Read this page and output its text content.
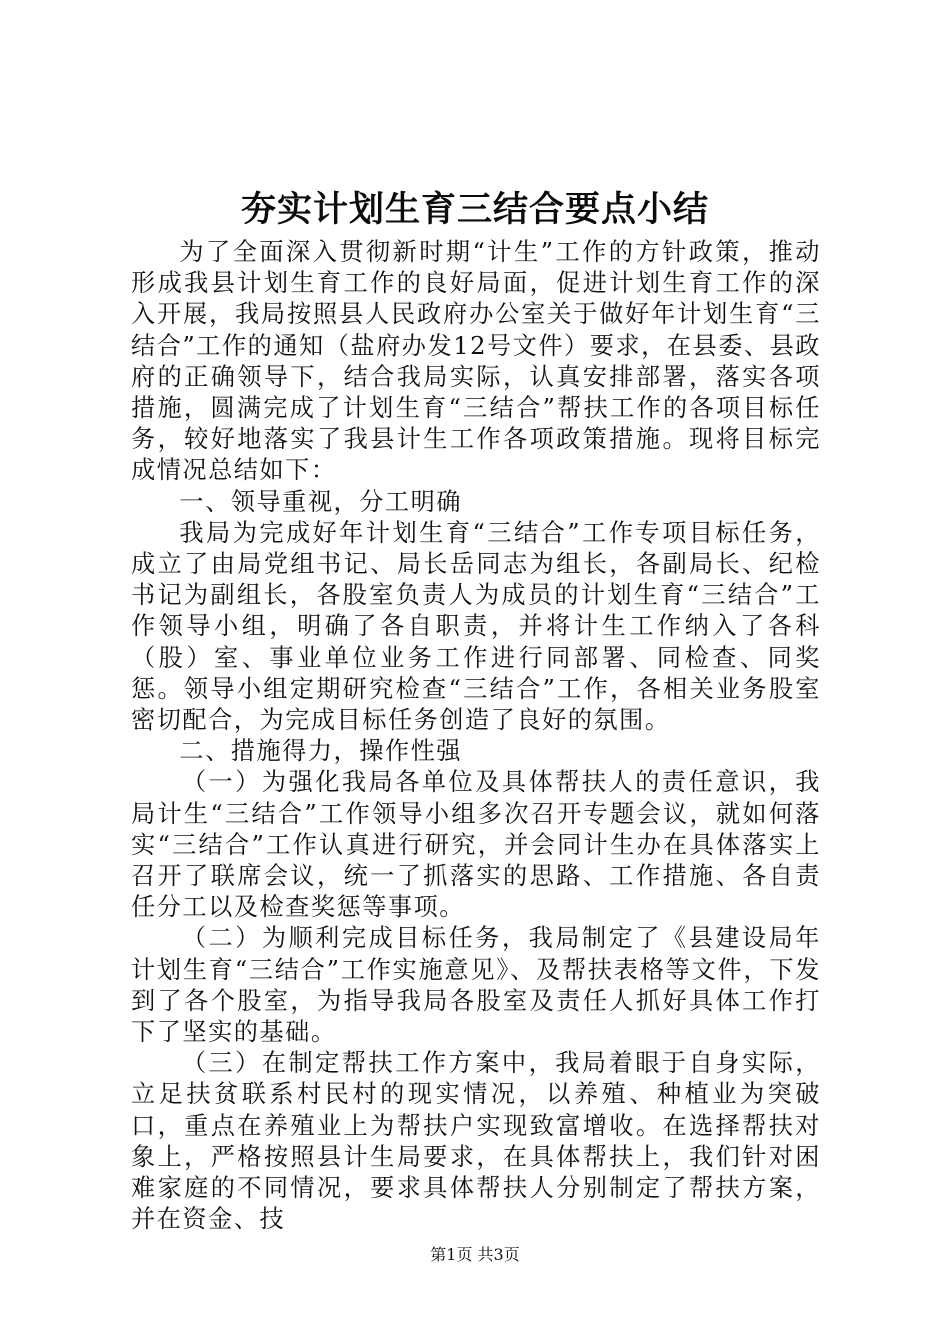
夯实计划生育三结合要点小结

为了全面深入贯彻新时期“计生”工作的方针政策，推动形成我县计划生育工作的良好局面，促进计划生育工作的深入开展，我局按照县人民政府办公室关于做好年计划生育“三结合”工作的通知（盐府办发12号文件）要求，在县委、县政府的正确领导下，结合我局实际，认真安排部署，落实各项措施，圆满完成了计划生育“三结合”帮扶工作的各项目标任务，较好地落实了我县计生工作各项政策措施。现将目标完成情况总结如下：

一、领导重视，分工明确

我局为完成好年计划生育“三结合”工作专项目标任务，成立了由局党组书记、局长岳同志为组长，各副局长、纪检书记为副组长，各股室负责人为成员的计划生育“三结合”工作领导小组，明确了各自职责，并将计生工作纳入了各科（股）室、事业单位业务工作进行同部署、同检查、同奖惩。领导小组定期研究检查“三结合”工作，各相关业务股室密切配合，为完成目标任务创造了良好的氛围。

二、措施得力，操作性强

（一）为强化我局各单位及具体帮扶人的责任意识，我局计生“三结合”工作领导小组多次召开专题会议，就如何落实“三结合”工作认真进行研究，并会同计生办在具体落实上召开了联席会议，统一了抓落实的思路、工作措施、各自责任分工以及检查奖惩等事项。

（二）为顺利完成目标任务，我局制定了《县建设局年计划生育“三结合”工作实施意见》、及帮扶表格等文件，下发到了各个股室，为指导我局各股室及责任人抓好具体工作打下了坚实的基础。

（三）在制定帮扶工作方案中，我局着眼于自身实际，立足扶贫联系村民村的现实情况，以养殖、种植业为突破口，重点在养殖业上为帮扶户实现致富增收。在选择帮扶对象上，严格按照县计生局要求，在具体帮扶上，我们针对困难家庭的不同情况，要求具体帮扶人分别制定了帮扶方案，并在资金、技

第1页 共3页
